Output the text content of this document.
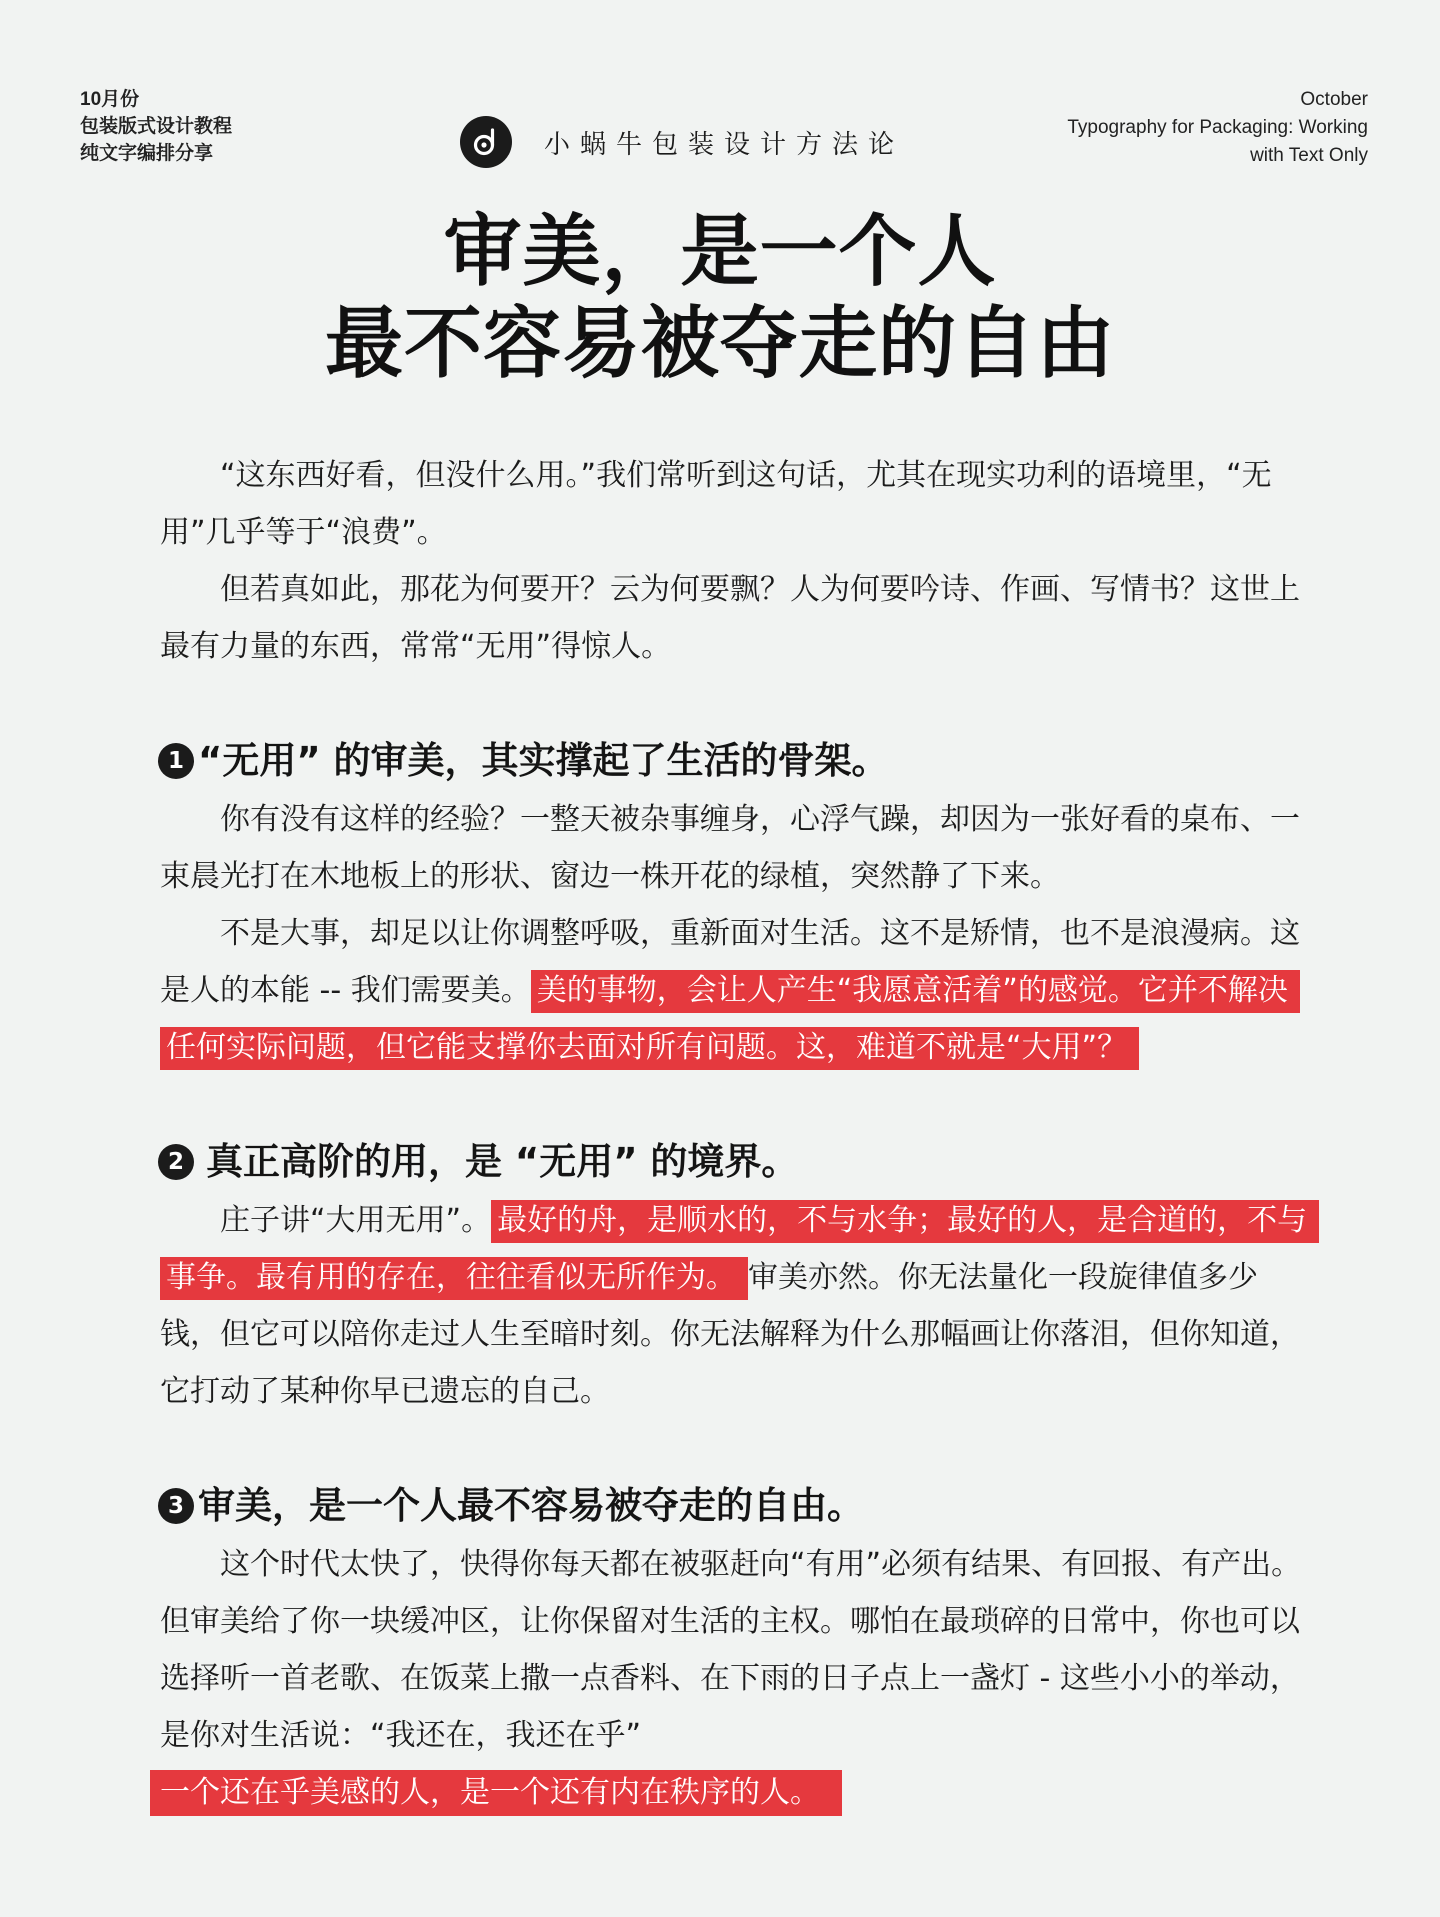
10月份
包装版式设计教程
纯文字编排分享	小蜗牛包装设计方法论
October
Typography for Packaging: Working
with Text Only
审美，是一个人
最不容易被夺走的自由

“这东西好看，但没什么用。”我们常听到这句话，尤其在现实功利的语境里，“无用”几乎等于“浪费”。

但若真如此，那花为何要开？云为何要飘？人为何要吟诗、作画、写情书？这世上最有力量的东西，常常“无用”得惊人。

1 “无用” 的审美，其实撑起了生活的骨架。

你有没有这样的经验？一整天被杂事缠身，心浮气躁，却因为一张好看的桌布、一束晨光打在木地板上的形状、窗边一株开花的绿植，突然静了下来。

不是大事，却足以让你调整呼吸，重新面对生活。这不是矫情，也不是浪漫病。这是人的本能 -- 我们需要美。 美的事物，会让人产生“我愿意活着”的感觉。它并不解决任何实际问题，但它能支撑你去面对所有问题。这，难道不就是“大用”？

2 真正高阶的用，是 “无用” 的境界。

庄子讲“大用无用”。 最好的舟，是顺水的，不与水争；最好的人，是合道的，不与事争。最有用的存在，往往看似无所作为。 审美亦然。你无法量化一段旋律值多少钱，但它可以陪你走过人生至暗时刻。你无法解释为什么那幅画让你落泪，但你知道，它打动了某种你早已遗忘的自己。

3 审美，是一个人最不容易被夺走的自由。

这个时代太快了，快得你每天都在被驱赶向“有用”必须有结果、有回报、有产出。但审美给了你一块缓冲区，让你保留对生活的主权。哪怕在最琐碎的日常中，你也可以选择听一首老歌、在饭菜上撒一点香料、在下雨的日子点上一盏灯 - 这些小小的举动，是你对生活说：“我还在，我还在乎”

一个还在乎美感的人，是一个还有内在秩序的人。
